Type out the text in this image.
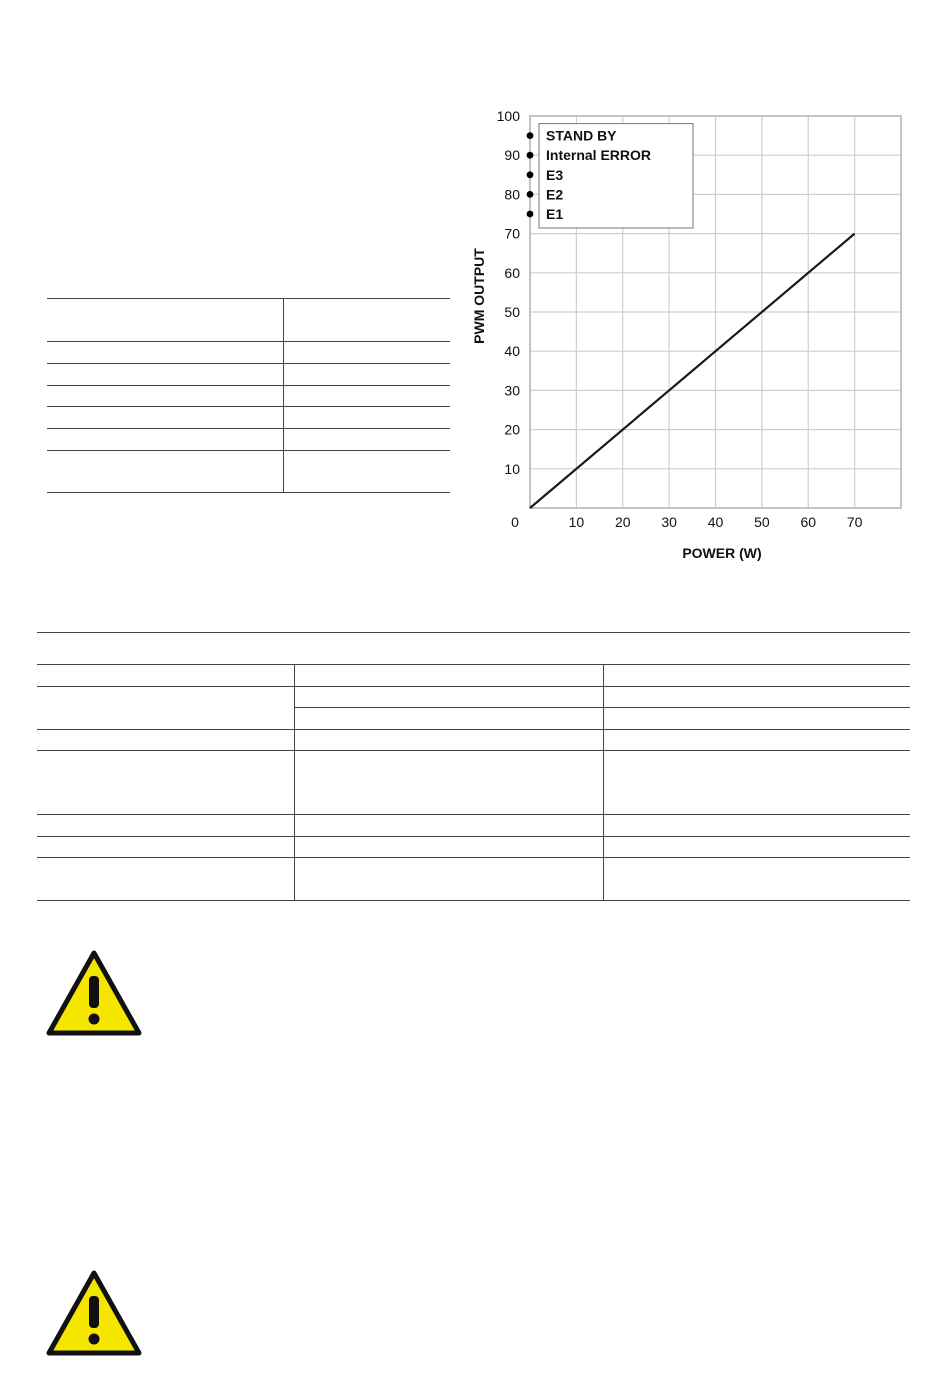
0	10 20 30 40 50 60 70
10
20
30
40
50
60
70
80
90
100
STAND BY
Internal ERROR
E3
E2
E1
POWER (W)
PWM OUTPUT
